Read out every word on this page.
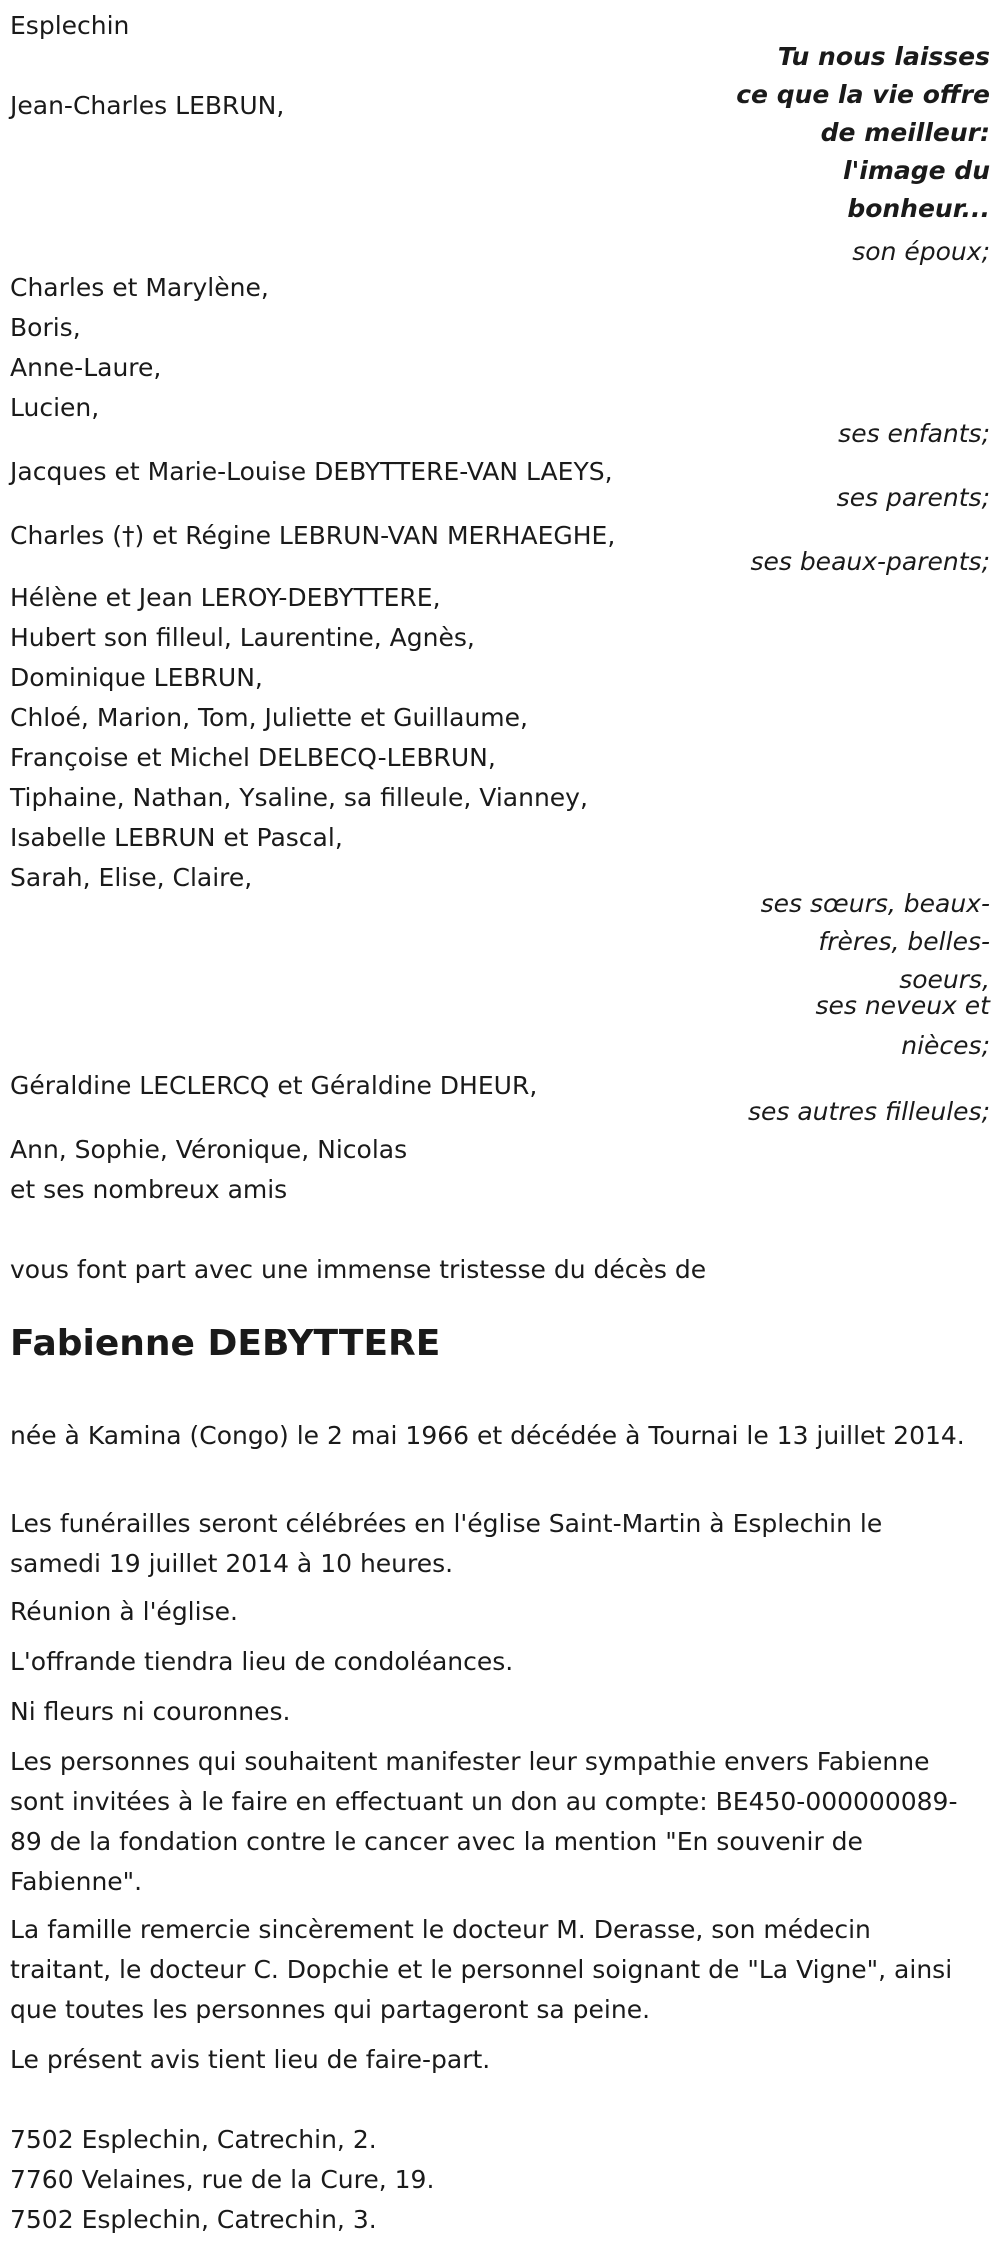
Esplechin
Tu nous laisses
ce que la vie offre
de meilleur:
l'image du
bonheur...
Jean-Charles LEBRUN,
son époux;
Charles et Marylène,
Boris,
Anne-Laure,
Lucien,
ses enfants;
Jacques et Marie-Louise DEBYTTERE-VAN LAEYS,
ses parents;
Charles (†) et Régine LEBRUN-VAN MERHAEGHE,
ses beaux-parents;
Hélène et Jean LEROY-DEBYTTERE,
Hubert son filleul, Laurentine, Agnès,
Dominique LEBRUN,
Chloé, Marion, Tom, Juliette et Guillaume,
Françoise et Michel DELBECQ-LEBRUN,
Tiphaine, Nathan, Ysaline, sa filleule, Vianney,
Isabelle LEBRUN et Pascal,
Sarah, Elise, Claire,
ses sœurs, beaux-
frères, belles-
soeurs,
ses neveux et
nièces;
Géraldine LECLERCQ et Géraldine DHEUR,
ses autres filleules;
Ann, Sophie, Véronique, Nicolas
et ses nombreux amis
vous font part avec une immense tristesse du décès de
Fabienne DEBYTTERE
née à Kamina (Congo) le 2 mai 1966 et décédée à Tournai le 13 juillet 2014.
Les funérailles seront célébrées en l'église Saint-Martin à Esplechin le samedi 19 juillet 2014 à 10 heures.
Réunion à l'église.
L'offrande tiendra lieu de condoléances.
Ni fleurs ni couronnes.
Les personnes qui souhaitent manifester leur sympathie envers Fabienne sont invitées à le faire en effectuant un don au compte: BE450-000000089-89 de la fondation contre le cancer avec la mention "En souvenir de Fabienne".
La famille remercie sincèrement le docteur M. Derasse, son médecin traitant, le docteur C. Dopchie et le personnel soignant de "La Vigne", ainsi que toutes les personnes qui partageront sa peine.
Le présent avis tient lieu de faire-part.
7502 Esplechin, Catrechin, 2.
7760 Velaines, rue de la Cure, 19.
7502 Esplechin, Catrechin, 3.
